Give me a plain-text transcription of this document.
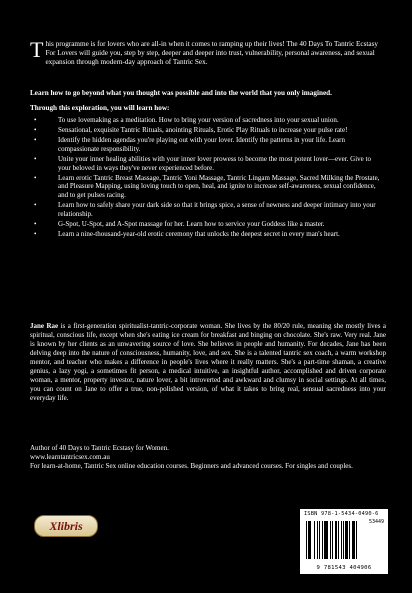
This programme is for lovers who are all-in when it comes to ramping up their lives! The 40 Days To Tantric Ecstasy For Lovers will guide you, step by step, deeper and deeper into trust, vulnerability, personal awareness, and sexual expansion through modern-day approach of Tantric Sex.

Learn how to go beyond what you thought was possible and into the world that you only imagined.

Through this exploration, you will learn how:

• To use lovemaking as a meditation. How to bring your version of sacredness into your sexual union.
• Sensational, exquisite Tantric Rituals, anointing Rituals, Erotic Play Rituals to increase your pulse rate!
• Identify the hidden agendas you're playing out with your lover. Identify the patterns in your life. Learn compassionate responsibility.
• Unite your inner healing abilities with your inner lover prowess to become the most potent lover—ever. Give to your beloved in ways they've never experienced before.
• Learn erotic Tantric Breast Massage, Tantric Yoni Massage, Tantric Lingam Massage, Sacred Milking the Prostate, and Pleasure Mapping, using loving touch to open, heal, and ignite to increase self-awareness, sexual confidence, and to get pulses racing.
• Learn how to safely share your dark side so that it brings spice, a sense of newness and deeper intimacy into your relationship.
• G-Spot, U-Spot, and A-Spot massage for her. Learn how to service your Goddess like a master.
• Learn a nine-thousand-year-old erotic ceremony that unlocks the deepest secret in every man's heart.

Jane Rae is a first-generation spiritualist-tantric-corporate woman. She lives by the 80/20 rule, meaning she mostly lives a spiritual, conscious life, except when she's eating ice cream for breakfast and binging on chocolate. She's raw. Very real. Jane is known by her clients as an unwavering source of love. She believes in people and humanity. For decades, Jane has been delving deep into the nature of consciousness, humanity, love, and sex. She is a talented tantric sex coach, a warm workshop mentor, and teacher who makes a difference in people's lives where it really matters. She's a part-time shaman, a creative genius, a lazy yogi, a sometimes fit person, a medical intuitive, an insightful author, accomplished and driven corporate woman, a mentor, property investor, nature lover, a bit introverted and awkward and clumsy in social settings. At all times, you can count on Jane to offer a true, non-polished version, of what it takes to bring real, sensual sacredness into your everyday life.

Author of 40 Days to Tantric Ecstasy for Women.
www.learntantricsex.com.au

For learn-at-home, Tantric Sex online education courses. Beginners and advanced courses. For singles and couples.

Xlibris
ISBN 978-1-5434-0490-6
53449
9 781543 404906
